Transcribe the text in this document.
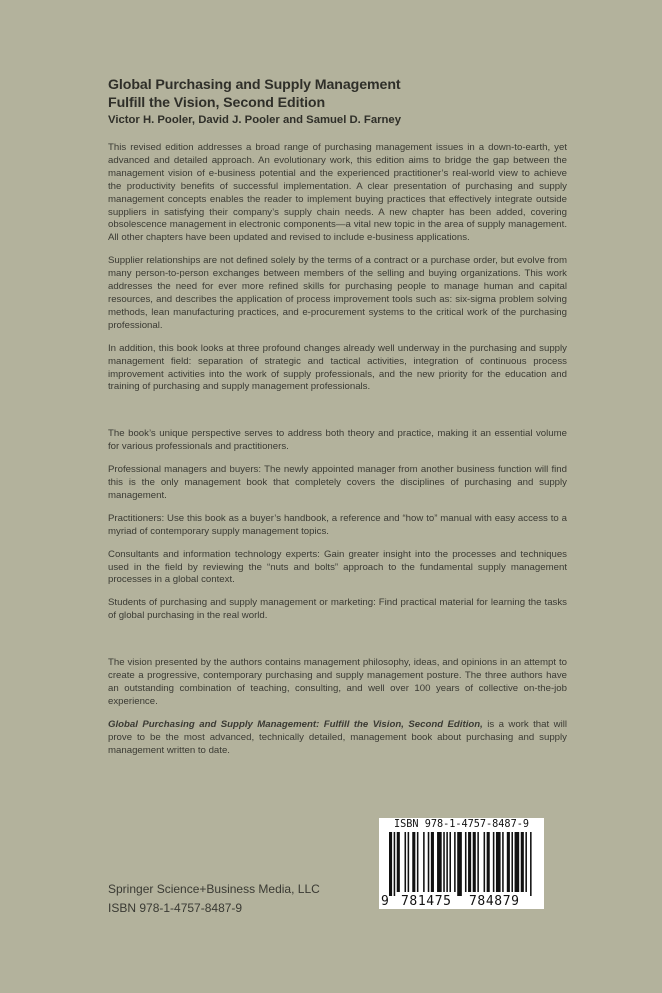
Global Purchasing and Supply Management
Fulfill the Vision, Second Edition
Victor H. Pooler, David J. Pooler and Samuel D. Farney

This revised edition addresses a broad range of purchasing management issues in a down-to-earth, yet advanced and detailed approach. An evolutionary work, this edition aims to bridge the gap between the management vision of e-business potential and the experienced practitioner’s real-world view to achieve the productivity benefits of successful implementation. A clear presentation of purchasing and supply management concepts enables the reader to implement buying practices that effectively integrate outside suppliers in satisfying their company’s supply chain needs. A new chapter has been added, covering obsolescence management in electronic components—a vital new topic in the area of supply management. All other chapters have been updated and revised to include e-business applications.

Supplier relationships are not defined solely by the terms of a contract or a purchase order, but evolve from many person-to-person exchanges between members of the selling and buying organizations. This work addresses the need for ever more refined skills for purchasing people to manage human and capital resources, and describes the application of process improvement tools such as: six-sigma problem solving methods, lean manufacturing practices, and e-procurement systems to the critical work of the purchasing professional.

In addition, this book looks at three profound changes already well underway in the purchasing and supply management field: separation of strategic and tactical activities, integration of continuous process improvement activities into the work of supply professionals, and the new priority for the education and training of purchasing and supply management professionals.

The book’s unique perspective serves to address both theory and practice, making it an essential volume for various professionals and practitioners.

Professional managers and buyers: The newly appointed manager from another business function will find this is the only management book that completely covers the disciplines of purchasing and supply management.

Practitioners: Use this book as a buyer’s handbook, a reference and “how to” manual with easy access to a myriad of contemporary supply management topics.

Consultants and information technology experts: Gain greater insight into the processes and techniques used in the field by reviewing the “nuts and bolts” approach to the fundamental supply management processes in a global context.

Students of purchasing and supply management or marketing: Find practical material for learning the tasks of global purchasing in the real world.

The vision presented by the authors contains management philosophy, ideas, and opinions in an attempt to create a progressive, contemporary purchasing and supply management posture. The three authors have an outstanding combination of teaching, consulting, and well over 100 years of collective on-the-job experience.

Global Purchasing and Supply Management: Fulfill the Vision, Second Edition, is a work that will prove to be the most advanced, technically detailed, management book about purchasing and supply management written to date.

Springer Science+Business Media, LLC
ISBN 978-1-4757-8487-9
ISBN 978-1-4757-8487-9
9 781475 784879
